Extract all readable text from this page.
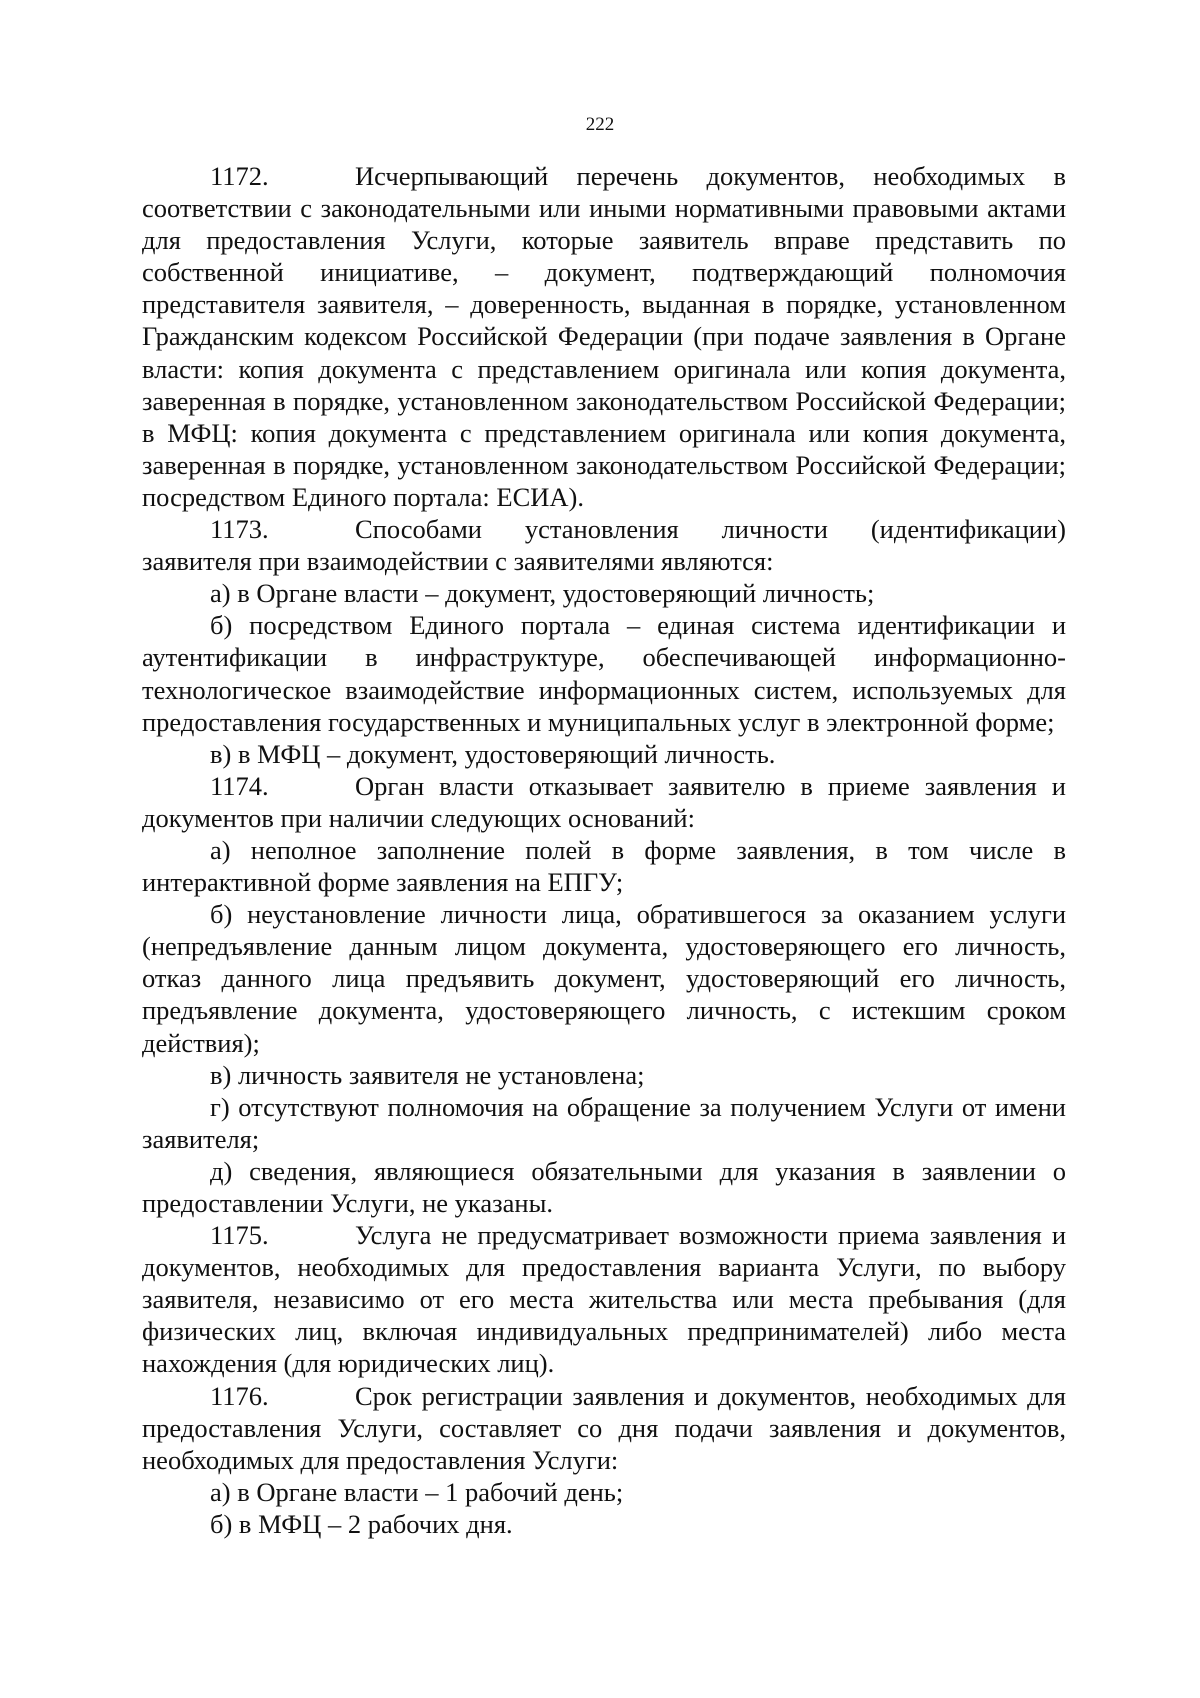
222

1172.	Исчерпывающий перечень документов, необходимых в соответствии с законодательными или иными нормативными правовыми актами для предоставления Услуги, которые заявитель вправе представить по собственной инициативе, – документ, подтверждающий полномочия представителя заявителя, – доверенность, выданная в порядке, установленном Гражданским кодексом Российской Федерации (при подаче заявления в Органе власти: копия документа с представлением оригинала или копия документа, заверенная в порядке, установленном законодательством Российской Федерации; в МФЦ: копия документа с представлением оригинала или копия документа, заверенная в порядке, установленном законодательством Российской Федерации; посредством Единого портала: ЕСИА).

1173.	Способами установления личности (идентификации) заявителя при взаимодействии с заявителями являются:

а) в Органе власти – документ, удостоверяющий личность;

б) посредством Единого портала – единая система идентификации и аутентификации в инфраструктуре, обеспечивающей информационно-технологическое взаимодействие информационных систем, используемых для предоставления государственных и муниципальных услуг в электронной форме;

в) в МФЦ – документ, удостоверяющий личность.

1174.	Орган власти отказывает заявителю в приеме заявления и документов при наличии следующих оснований:

а) неполное заполнение полей в форме заявления, в том числе в интерактивной форме заявления на ЕПГУ;

б) неустановление личности лица, обратившегося за оказанием услуги (непредъявление данным лицом документа, удостоверяющего его личность, отказ данного лица предъявить документ, удостоверяющий его личность, предъявление документа, удостоверяющего личность, с истекшим сроком действия);

в) личность заявителя не установлена;

г) отсутствуют полномочия на обращение за получением Услуги от имени заявителя;

д) сведения, являющиеся обязательными для указания в заявлении о предоставлении Услуги, не указаны.

1175.	Услуга не предусматривает возможности приема заявления и документов, необходимых для предоставления варианта Услуги, по выбору заявителя, независимо от его места жительства или места пребывания (для физических лиц, включая индивидуальных предпринимателей) либо места нахождения (для юридических лиц).

1176.	Срок регистрации заявления и документов, необходимых для предоставления Услуги, составляет со дня подачи заявления и документов, необходимых для предоставления Услуги:

а) в Органе власти – 1 рабочий день;

б) в МФЦ – 2 рабочих дня.
